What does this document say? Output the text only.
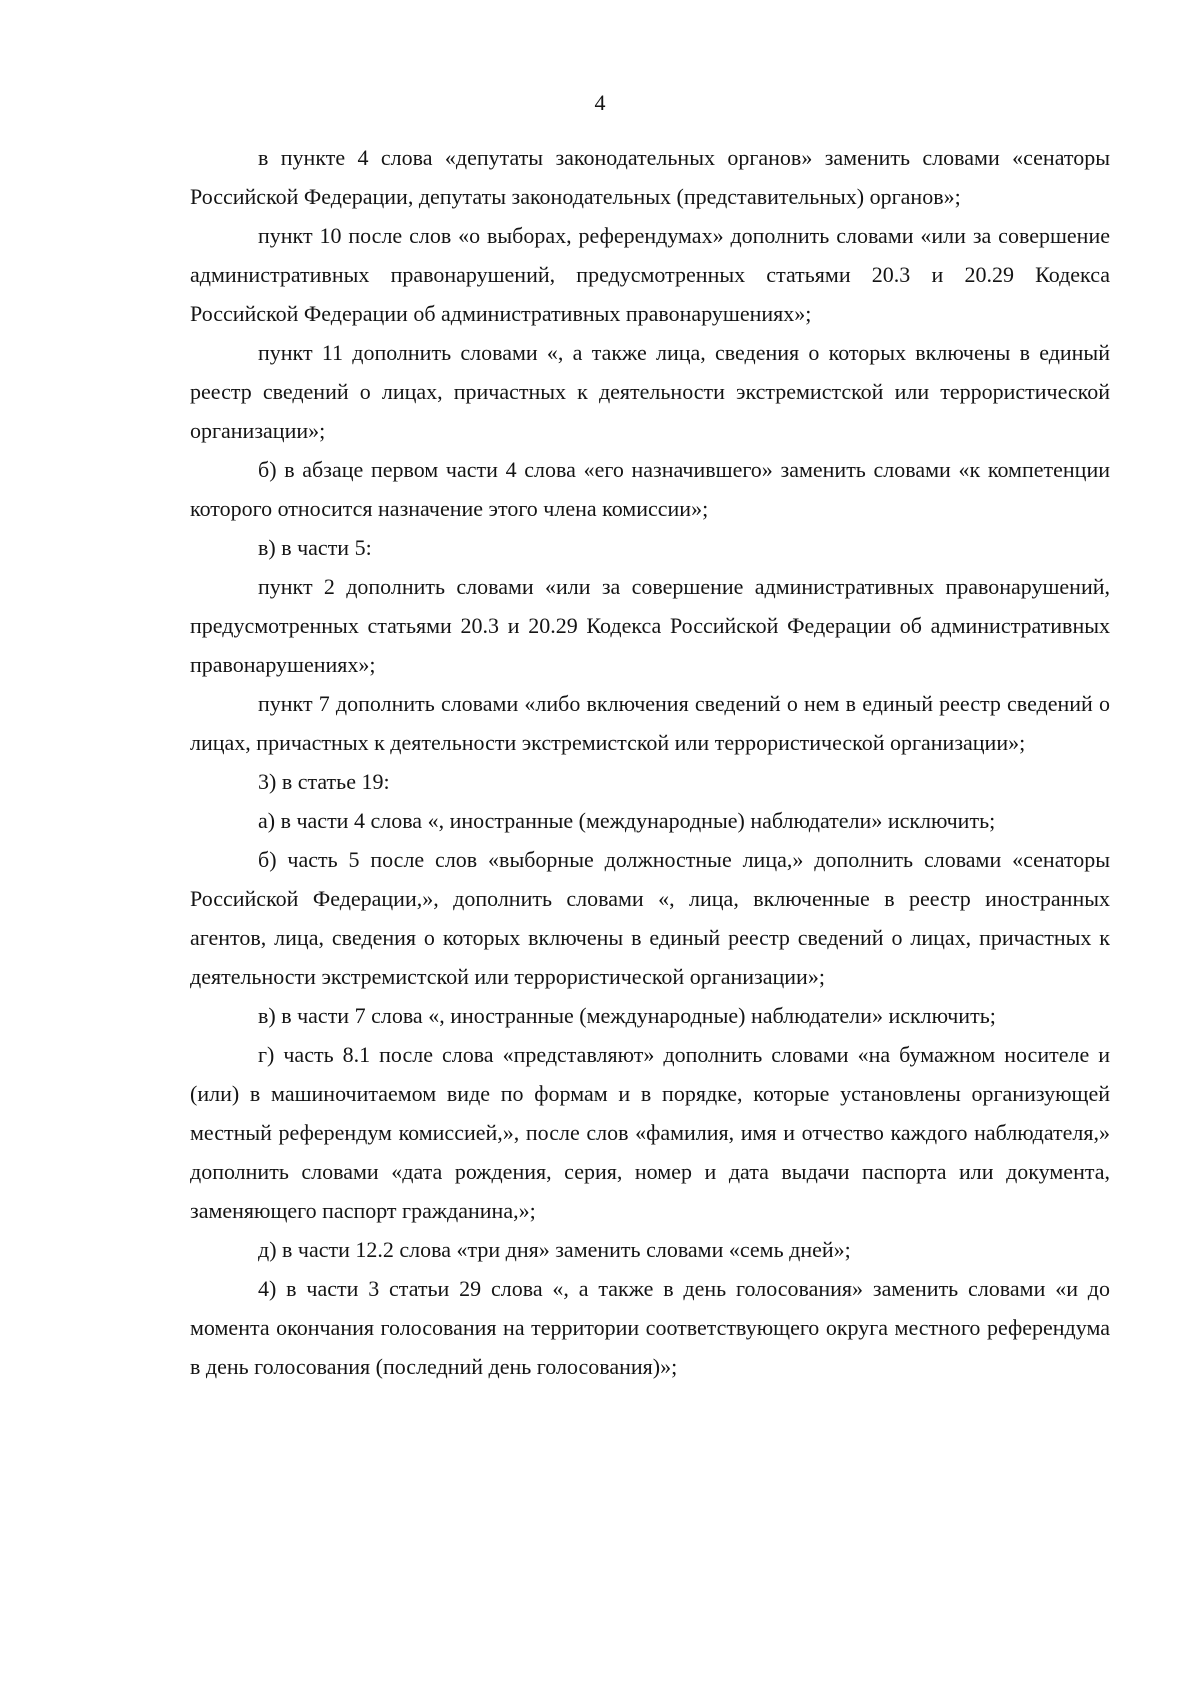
4

в пункте 4 слова «депутаты законодательных органов» заменить словами «сенаторы Российской Федерации, депутаты законодательных (представительных) органов»;

пункт 10 после слов «о выборах, референдумах» дополнить словами «или за совершение административных правонарушений, предусмотренных статьями 20.3 и 20.29 Кодекса Российской Федерации об административных правонарушениях»;

пункт 11 дополнить словами «, а также лица, сведения о которых включены в единый реестр сведений о лицах, причастных к деятельности экстремистской или террористической организации»;

б) в абзаце первом части 4 слова «его назначившего» заменить словами «к компетенции которого относится назначение этого члена комиссии»;

в) в части 5:

пункт 2 дополнить словами «или за совершение административных правонарушений, предусмотренных статьями 20.3 и 20.29 Кодекса Российской Федерации об административных правонарушениях»;

пункт 7 дополнить словами «либо включения сведений о нем в единый реестр сведений о лицах, причастных к деятельности экстремистской или террористической организации»;

3) в статье 19:

а) в части 4 слова «, иностранные (международные) наблюдатели» исключить;

б) часть 5 после слов «выборные должностные лица,» дополнить словами «сенаторы Российской Федерации,», дополнить словами «, лица, включенные в реестр иностранных агентов, лица, сведения о которых включены в единый реестр сведений о лицах, причастных к деятельности экстремистской или террористической организации»;

в) в части 7 слова «, иностранные (международные) наблюдатели» исключить;

г) часть 8.1 после слова «представляют» дополнить словами «на бумажном носителе и (или) в машиночитаемом виде по формам и в порядке, которые установлены организующей местный референдум комиссией,», после слов «фамилия, имя и отчество каждого наблюдателя,» дополнить словами «дата рождения, серия, номер и дата выдачи паспорта или документа, заменяющего паспорт гражданина,»;

д) в части 12.2 слова «три дня» заменить словами «семь дней»;

4) в части 3 статьи 29 слова «, а также в день голосования» заменить словами «и до момента окончания голосования на территории соответствующего округа местного референдума в день голосования (последний день голосования)»;
